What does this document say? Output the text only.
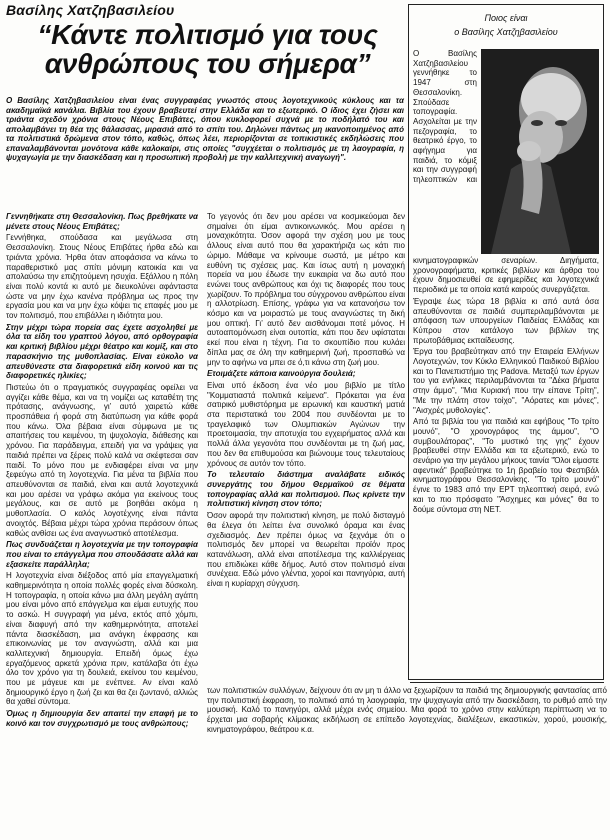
Βασίλης Χατζηβασιλείου
“Κάντε πολιτισμό για τους ανθρώπους του σήμερα”

Ο Βασίλης Χατζηβασιλείου είναι ένας συγγραφέας γνωστός στους λογοτεχνικούς κύκλους και τα ακαδημαϊκά κανάλια. Βιβλία του έχουν βραβευτεί στην Ελλάδα και το εξωτερικό. Ο ίδιος έχει ζήσει και τριάντα σχεδόν χρόνια στους Νέους Επιβάτες, όπου κυκλοφορεί συχνά με το ποδήλατό του και απολαμβάνει τη θέα της θάλασσας, μιρασιά από το σπίτι του. Δηλώνει πάντως μη ικανοποιημένος από τα πολιτιστικά δρώμενα στον τόπο, καθώς, όπως λέει, περιορίζονται σε τοπικιστικές εκδηλώσεις που επαναλαμβάνονται μονότονα κάθε καλοκαίρι, στις οποίες "συγχέεται ο πολιτισμός με τη λαογραφία, η ψυχαγωγία με την διασκέδαση και η προσωπική προβολή με την καλλιτεχνική αναγωγή".

Γεννηθήκατε στη Θεσσαλονίκη. Πως βρεθήκατε να μένετε στους Νέους Επιβάτες;

Γεννήθηκα, σπούδασα και μεγάλωσα στη Θεσσαλονίκη. Στους Νέους Επιβάτες ήρθα εδώ και τριάντα χρόνια. Ήρθα όταν αποφάσισα να κάνω το παραθεριστικό μας σπίτι μόνιμη κατοικία και να απολαύσω την επιζητούμενη ησυχία. Εξάλλου η πόλη είναι πολύ κοντά κι αυτό με διευκολύνει αφάνταστα ώστε να μην έχω κανένα πρόβλημα ως προς την εργασία μου και να μην έχω κόψει τις επαφές μου με τον πολιτισμό, που επιβάλλει η ιδιότητα μου.

Στην μέχρι τώρα πορεία σας έχετε ασχοληθεί με όλα τα είδη του γραπτού λόγου, από ορθογραφία και κριτική βιβλίου μέχρι θέατρο και κομίξ, και στο παρασκήνιο της μυθοπλασίας. Είναι εύκολο να απευθύνεστε στα διαφορετικά είδη κοινού και τις διαφορετικές ηλικίες;

Πιστεύω ότι ο πραγματικός συγγραφέας οφείλει να αγγίζει κάθε θέμα, και να τη νομίζει ως καταθέτη της πρότασης, ανάγνωσης, γι’ αυτό χαιρετώ κάθε προσπάθεια ή φορά στη διατύπωση για κάθε φορά που κάνω. Όλα βέβαια είναι σύμφωνα με τις απαιτήσεις του κειμένου, τη ψυχολογία, διάθεσης και χρόνου. Για παράδειγμα, επειδή για να γράψεις για παιδιά πρέπει να ξέρεις πολύ καλά να σκέφτεσαι σαν παιδί. Το μόνο που με ενδιαφέρει είναι να μην ξεφεύγω από τη λογοτεχνία. Για μένα τα βιβλία που απευθύνονται σε παιδιά, είναι και αυτά λογοτεχνικά και μου αρέσει να γράφω ακόμα για εκείνους τους μεγάλους, και σε αυτό με βοηθάει ακόμα η μυθοπλασία. Ο καλός λογοτέχνης είναι πάντα ανοιχτός. Βέβαια μέχρι τώρα χρόνια περάσουν όπως καθώς ανθίσει ως ένα αναγνωστικό αποτέλεσμα.

Πως συνδυάζεται η λογοτεχνία με την τοπογραφία που είναι το επάγγελμα που σπουδάσατε αλλά και εξασκείτε παράλληλα;

Η λογοτεχνία είναι διέξοδος από μία επαγγελματική καθημερινότητα η οποία πολλές φορές είναι δύσκολη. Η τοπογραφία, η οποία κάνω μια άλλη μεγάλη αγάπη μου είναι μόνο από επάγγελμα και είμαι ευτυχής που το ασκώ. Η συγγραφή για μένα, εκτός από χόμπι, είναι διαφυγή από την καθημερινότητα, αποτελεί πάντα διασκέδαση, μια ανάγκη έκφρασης και επικοινωνίας με τον αναγνώστη, αλλά και μια καλλιτεχνική δημιουργία. Επειδή όμως έχω εργαζόμενος αρκετά χρόνια πριν, κατάλαβα ότι έχω όλο τον χρόνο για τη δουλειά, εκείνου του κειμένου, που με μάγευε και με ενέπνεε. Αν είναι καλό δημιουργικό έργο η ζωή ζει και θα ζει ζωντανό, αλλιώς θα χαθεί σύντομα.

Όμως η δημιουργία δεν απαιτεί την επαφή με το κοινό και τον συγχρωτισμό με τους ανθρώπους;

Το γεγονός ότι δεν μου αρέσει να κοσμικεύομαι δεν σημαίνει ότι είμαι αντικοινωνικός. Μου αρέσει η μοναχικότητα. Όσον αφορά την σχέση μου με τους άλλους είναι αυτό που θα χαρακτήριζα ως κάτι πιο ώριμο. Μάθαμε να κρίνουμε σωστά, με μέτρο και ευθύνη τις σχέσεις μας. Και ίσως αυτή η μοναχική πορεία να μου έδωσε την ευκαιρία να δω αυτό που ενώνει τους ανθρώπους και όχι τις διαφορές που τους χωρίζουν. Το πρόβλημα του σύγχρονου ανθρώπου είναι η αλλοτρίωση. Επίσης, γράφω για να κατανοήσω τον κόσμο και να μοιραστώ με τους αναγνώστες τη δική μου οπτική. Γι’ αυτό δεν αισθάνομαι ποτέ μόνος. Η αυτοαπομόνωση είναι ουτοπία, κάτι που δεν υφίσταται εκεί που είναι η τέχνη. Για το σκουπίδιο που κυλάει δίπλα μας σε όλη την καθημερινή ζωή, προσπαθώ να μην το αφήνω να μπει σε ό,τι κάνω στη ζωή μου.

Ετοιμάζετε κάποια καινούργια δουλειά;

Είναι υπό έκδοση ένα νέο μου βιβλίο με τίτλο "Κομματιαστά πολιτικά κείμενα". Πρόκειται για ένα σατιρικό μυθιστόρημα με ειρωνική και καυστική ματιά στα περιστατικά του 2004 που συνδέονται με το τραγελαφικό των Ολυμπιακών Αγώνων την προετοιμασία, την αποτυχία του εγχειρήματος αλλά και πολλά άλλα γεγονότα που συνδέονται με τη ζωή μας, που δεν θα επιθυμούσα και βιώνουμε τους τελευταίους χρόνους σε αυτόν τον τόπο.

Το τελευταίο διάστημα αναλάβατε ειδικός συνεργάτης του δήμου Θερμαϊκού σε θέματα τοπογραφίας αλλά και πολιτισμού. Πως κρίνετε την πολιτιστική κίνηση στον τόπο;

Όσον αφορά την πολιτιστική κίνηση, με πολύ δισταγμό θα έλεγα ότι λείπει ένα συνολικό όραμα και ένας σχεδιασμός. Δεν πρέπει όμως να ξεχνάμε ότι ο πολιτισμός δεν μπορεί να θεωρείται προϊόν προς κατανάλωση, αλλά είναι αποτέλεσμα της καλλιέργειας που επιδιώκει κάθε δήμος. Αυτό στον πολιτισμό είναι συνέχεια. Εδώ μόνο γλέντια, χοροί και πανηγύρια, αυτή είναι η κυρίαρχη σύγχυση.

Ποιος είναι
ο Βασίλης Χατζηβασιλείου

Ο Βασίλης Χατζηβασιλείου γεννήθηκε το 1947 στη Θεσσαλονίκη. Σπούδασε τοπογραφία. Ασχολείται με την πεζογραφία, το θεατρικό έργο, το αφήγημα για παιδιά, το κόμιξ και την συγγραφή τηλεοπτικών και κινηματογραφικών σεναρίων. Διηγήματα, χρονογραφήματα, κριτικές βιβλίων και άρθρα του έχουν δημοσιευθεί σε εφημερίδες και λογοτεχνικά περιοδικά με τα οποία κατά καιρούς συνεργάζεται.

Έγραψε έως τώρα 18 βιβλία κι από αυτά όσα απευθύνονται σε παιδιά συμπεριλαμβάνονται με απόφαση των υπουργείων Παιδείας Ελλάδας και Κύπρου στον κατάλογο των βιβλίων της πρωτοβάθμιας εκπαίδευσης.

Έργα του βραβεύτηκαν από την Εταιρεία Ελλήνων Λογοτεχνών, τον Κύκλο Ελληνικού Παιδικού Βιβλίου και το Πανεπιστήμιο της Padova. Μεταξύ των έργων του για ενήλικες περιλαμβάνονται τα "Δέκα βήματα στην άμμο", "Μια Κυριακή που την είπανε Τρίτη", "Με την πλάτη στον τοίχο", "Αόρατες και μόνες", "Αισχρές μυθολογίες".

Από τα βιβλία του για παιδιά και εφήβους "Το τρίτο μουνό", "Ο χρονογράφος της άμμου", "Ο συμβουλάτορας", "Το μυστικό της γης" έχουν βραβευθεί στην Ελλάδα και τα εξωτερικό, ενώ το σενάριο για την μεγάλου μήκους ταινία "Όλοι είμαστε αφεντικά" βραβεύτηκε το 1η βραβείο του Φεστιβάλ κινηματογράφου Θεσσαλονίκης. "Το τρίτο μουνό" έγινε το 1983 από την ΕΡΤ τηλεοπτική σειρά, ενώ και το πιο πρόσφατο "Άσχημες και μόνες" θα το δούμε σύντομα στη NET.

των πολιτιστικών συλλόγων, δείχνουν ότι αν μη τι άλλο να ξεχωρίζουν τα παιδιά της δημιουργικής φαντασίας από την πολιτιστική έκφραση, το πολιτικό από τη λαογραφία, την ψυχαγωγία από την διασκέδαση, το ρυθμό από την μουσική. Καλό το πανηγύρι, αλλά μέχρι ενός σημείου. Μια φορά το χρόνο στην καλύτερη περίπτωση να το έρχεται μια σοβαρής κλίμακας εκδήλωση σε επίπεδο λογοτεχνίας, διαλέξεων, εικαστικών, χορού, μουσικής, κινηματογράφου, θεάτρου κ.α.
